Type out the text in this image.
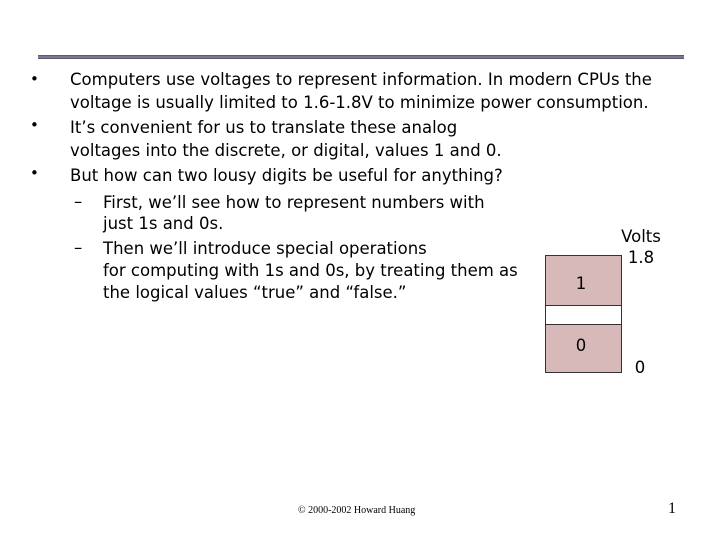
• Computers use voltages to represent information. In modern CPUs the
voltage is usually limited to 1.6-1.8V to minimize power consumption.
• It’s convenient for us to translate these analog
voltages into the discrete, or digital, values 1 and 0.
• But how can two lousy digits be useful for anything?
– First, we’ll see how to represent numbers with
just 1s and 0s.
– Then we’ll introduce special operations
for computing with 1s and 0s, by treating them as
the logical values “true” and “false.”	1
0
Volts
1.8
0
© 2000-2002 Howard Huang	1
